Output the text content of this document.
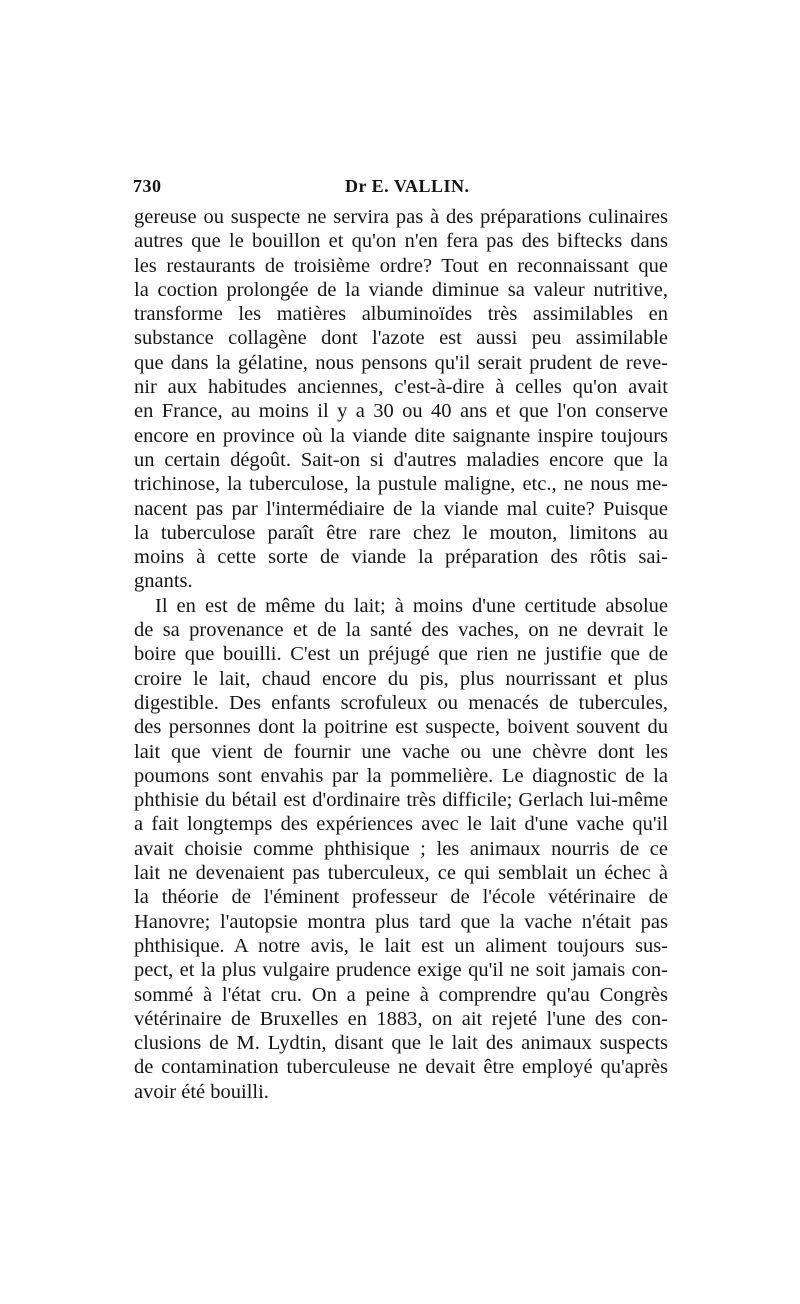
730	Dr E. VALLIN.
gereuse ou suspecte ne servira pas à des préparations culinaires
autres que le bouillon et qu'on n'en fera pas des biftecks dans
les restaurants de troisième ordre? Tout en reconnaissant que
la coction prolongée de la viande diminue sa valeur nutritive,
transforme les matières albuminoïdes très assimilables en
substance collagène dont l'azote est aussi peu assimilable
que dans la gélatine, nous pensons qu'il serait prudent de reve-
nir aux habitudes anciennes, c'est-à-dire à celles qu'on avait
en France, au moins il y a 30 ou 40 ans et que l'on conserve
encore en province où la viande dite saignante inspire toujours
un certain dégoût. Sait-on si d'autres maladies encore que la
trichinose, la tuberculose, la pustule maligne, etc., ne nous me-
nacent pas par l'intermédiaire de la viande mal cuite? Puisque
la tuberculose paraît être rare chez le mouton, limitons au
moins à cette sorte de viande la préparation des rôtis sai-
gnants.
Il en est de même du lait; à moins d'une certitude absolue
de sa provenance et de la santé des vaches, on ne devrait le
boire que bouilli. C'est un préjugé que rien ne justifie que de
croire le lait, chaud encore du pis, plus nourrissant et plus
digestible. Des enfants scrofuleux ou menacés de tubercules,
des personnes dont la poitrine est suspecte, boivent souvent du
lait que vient de fournir une vache ou une chèvre dont les
poumons sont envahis par la pommelière. Le diagnostic de la
phthisie du bétail est d'ordinaire très difficile; Gerlach lui-même
a fait longtemps des expériences avec le lait d'une vache qu'il
avait choisie comme phthisique ; les animaux nourris de ce
lait ne devenaient pas tuberculeux, ce qui semblait un échec à
la théorie de l'éminent professeur de l'école vétérinaire de
Hanovre; l'autopsie montra plus tard que la vache n'était pas
phthisique. A notre avis, le lait est un aliment toujours sus-
pect, et la plus vulgaire prudence exige qu'il ne soit jamais con-
sommé à l'état cru. On a peine à comprendre qu'au Congrès
vétérinaire de Bruxelles en 1883, on ait rejeté l'une des con-
clusions de M. Lydtin, disant que le lait des animaux suspects
de contamination tuberculeuse ne devait être employé qu'après
avoir été bouilli.
